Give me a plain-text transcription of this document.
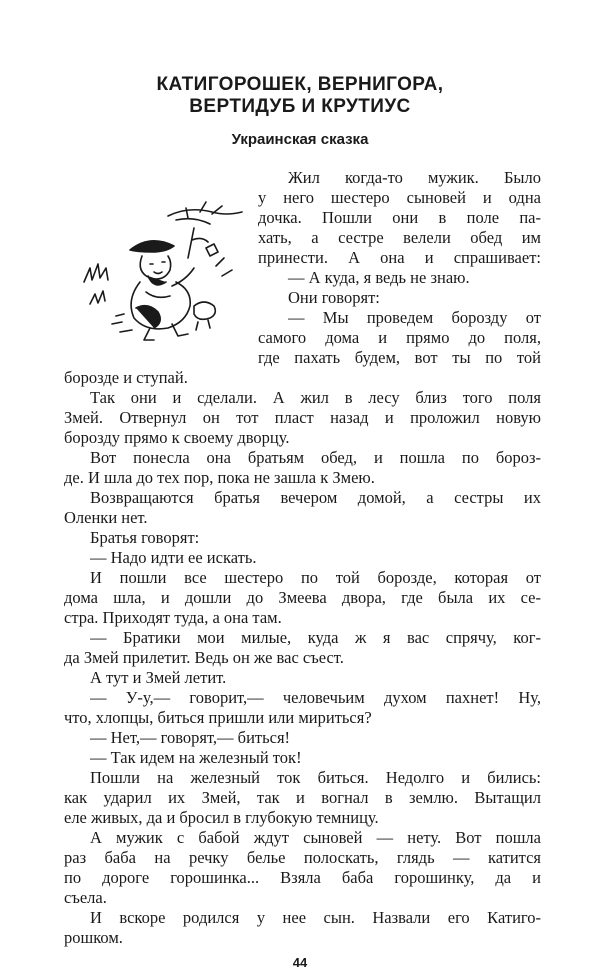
КАТИГОРОШЕК, ВЕРНИГОРА,
ВЕРТИДУБ И КРУТИУС
Украинская сказка
Жил когда-то мужик. Было
у него шестеро сыновей и одна
дочка. Пошли они в поле па-
хать, а сестре велели обед им
принести. А она и спрашивает:
— А куда, я ведь не знаю.
Они говорят:
— Мы проведем борозду от
самого дома и прямо до поля,
где пахать будем, вот ты по той
борозде и ступай.
Так они и сделали. А жил в лесу близ того поля
Змей. Отвернул он тот пласт назад и проложил новую
борозду прямо к своему дворцу.
Вот понесла она братьям обед, и пошла по бороз-
де. И шла до тех пор, пока не зашла к Змею.
Возвращаются братья вечером домой, а сестры их
Оленки нет.
Братья говорят:
— Надо идти ее искать.
И пошли все шестеро по той борозде, которая от
дома шла, и дошли до Змеева двора, где была их се-
стра. Приходят туда, а она там.
— Братики мои милые, куда ж я вас спрячу, ког-
да Змей прилетит. Ведь он же вас съест.
А тут и Змей летит.
— У-у,— говорит,— человечьим духом пахнет! Ну,
что, хлопцы, биться пришли или мириться?
— Нет,— говорят,— биться!
— Так идем на железный ток!
Пошли на железный ток биться. Недолго и бились:
как ударил их Змей, так и вогнал в землю. Вытащил
еле живых, да и бросил в глубокую темницу.
А мужик с бабой ждут сыновей — нету. Вот пошла
раз баба на речку белье полоскать, глядь — катится
по дороге горошинка... Взяла баба горошинку, да и
съела.
И вскоре родился у нее сын. Назвали его Катиго-
рошком.
44
